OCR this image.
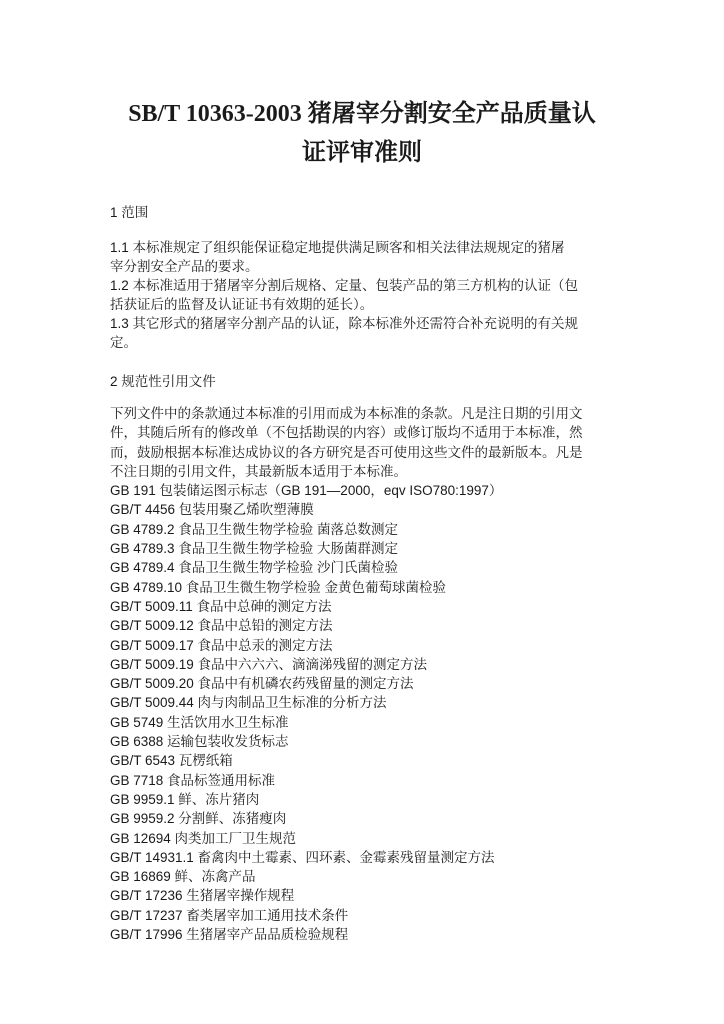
SB/T 10363-2003 猪屠宰分割安全产品质量认
证评审准则
1 范围
1.1 本标准规定了组织能保证稳定地提供满足顾客和相关法律法规规定的猪屠
宰分割安全产品的要求。
1.2 本标准适用于猪屠宰分割后规格、定量、包装产品的第三方机构的认证（包
括获证后的监督及认证证书有效期的延长）。
1.3 其它形式的猪屠宰分割产品的认证，除本标准外还需符合补充说明的有关规
定。
2 规范性引用文件
下列文件中的条款通过本标准的引用而成为本标准的条款。凡是注日期的引用文
件，其随后所有的修改单（不包括勘误的内容）或修订版均不适用于本标准，然
而，鼓励根据本标准达成协议的各方研究是否可使用这些文件的最新版本。凡是
不注日期的引用文件，其最新版本适用于本标准。
GB 191 包装储运图示标志（GB 191—2000，eqv ISO780:1997）
GB/T 4456 包装用聚乙烯吹塑薄膜
GB 4789.2 食品卫生微生物学检验 菌落总数测定
GB 4789.3 食品卫生微生物学检验 大肠菌群测定
GB 4789.4 食品卫生微生物学检验 沙门氏菌检验
GB 4789.10 食品卫生微生物学检验 金黄色葡萄球菌检验
GB/T 5009.11 食品中总砷的测定方法
GB/T 5009.12 食品中总铅的测定方法
GB/T 5009.17 食品中总汞的测定方法
GB/T 5009.19 食品中六六六、滴滴涕残留的测定方法
GB/T 5009.20 食品中有机磷农药残留量的测定方法
GB/T 5009.44 肉与肉制品卫生标准的分析方法
GB 5749 生活饮用水卫生标准
GB 6388 运输包装收发货标志
GB/T 6543 瓦楞纸箱
GB 7718 食品标签通用标准
GB 9959.1 鲜、冻片猪肉
GB 9959.2 分割鲜、冻猪瘦肉
GB 12694 肉类加工厂卫生规范
GB/T 14931.1 畜禽肉中土霉素、四环素、金霉素残留量测定方法
GB 16869 鲜、冻禽产品
GB/T 17236 生猪屠宰操作规程
GB/T 17237 畜类屠宰加工通用技术条件
GB/T 17996 生猪屠宰产品品质检验规程
